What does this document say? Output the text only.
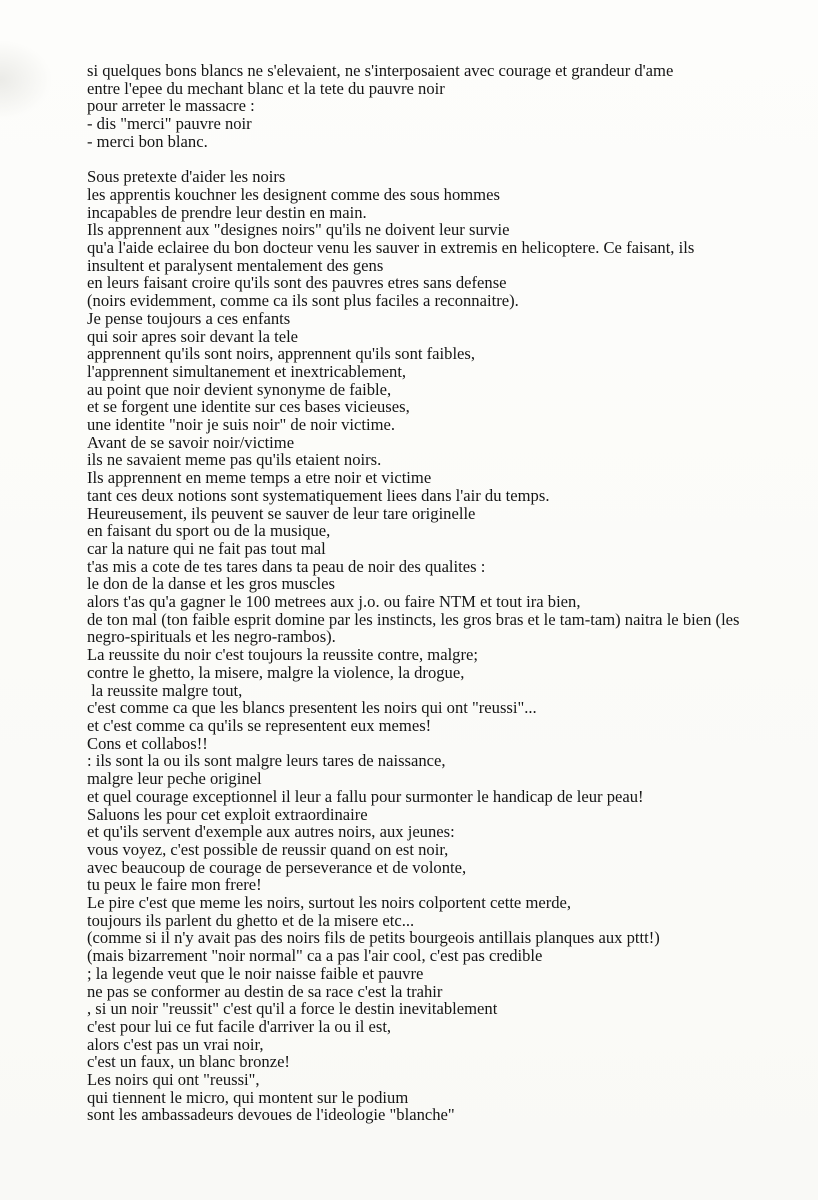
si quelques bons blancs ne s'elevaient, ne s'interposaient avec courage et grandeur d'ame
entre l'epee du mechant blanc et la tete du pauvre noir
pour arreter le massacre :
- dis "merci" pauvre noir
- merci bon blanc.
Sous pretexte d'aider les noirs
les apprentis kouchner les designent comme des sous hommes
incapables de prendre leur destin en main.
Ils apprennent aux "designes noirs" qu'ils ne doivent leur survie
qu'a l'aide eclairee du bon docteur venu les sauver in extremis en helicoptere. Ce faisant, ils
insultent et paralysent mentalement des gens
en leurs faisant croire qu'ils sont des pauvres etres sans defense
(noirs evidemment, comme ca ils sont plus faciles a reconnaitre).
Je pense toujours a ces enfants
qui soir apres soir devant la tele
apprennent qu'ils sont noirs, apprennent qu'ils sont faibles,
l'apprennent simultanement et inextricablement,
au point que noir devient synonyme de faible,
et se forgent une identite sur ces bases vicieuses,
une identite "noir je suis noir" de noir victime.
Avant de se savoir noir/victime
ils ne savaient meme pas qu'ils etaient noirs.
Ils apprennent en meme temps a etre noir et victime
tant ces deux notions sont systematiquement liees dans l'air du temps.
Heureusement, ils peuvent se sauver de leur tare originelle
en faisant du sport ou de la musique,
car la nature qui ne fait pas tout mal
t'as mis a cote de tes tares dans ta peau de noir des qualites :
le don de la danse et les gros muscles
alors t'as qu'a gagner le 100 metrees aux j.o. ou faire NTM et tout ira bien,
de ton mal (ton faible esprit domine par les instincts, les gros bras et le tam-tam) naitra le bien (les
negro-spirituals et les negro-rambos).
La reussite du noir c'est toujours la reussite contre, malgre;
contre le ghetto, la misere, malgre la violence, la drogue,
la reussite malgre tout,
c'est comme ca que les blancs presentent les noirs qui ont "reussi"...
et c'est comme ca qu'ils se representent eux memes!
Cons et collabos!!
: ils sont la ou ils sont malgre leurs tares de naissance,
malgre leur peche originel
et quel courage exceptionnel il leur a fallu pour surmonter le handicap de leur peau!
Saluons les pour cet exploit extraordinaire
et qu'ils servent d'exemple aux autres noirs, aux jeunes:
vous voyez, c'est possible de reussir quand on est noir,
avec beaucoup de courage de perseverance et de volonte,
tu peux le faire mon frere!
Le pire c'est que meme les noirs, surtout les noirs colportent cette merde,
toujours ils parlent du ghetto et de la misere etc...
(comme si il n'y avait pas des noirs fils de petits bourgeois antillais planques aux pttt!)
(mais bizarrement "noir normal" ca a pas l'air cool, c'est pas credible
; la legende veut que le noir naisse faible et pauvre
ne pas se conformer au destin de sa race c'est la trahir
, si un noir "reussit" c'est qu'il a force le destin inevitablement
c'est pour lui ce fut facile d'arriver la ou il est,
alors c'est pas un vrai noir,
c'est un faux, un blanc bronze!
Les noirs qui ont "reussi",
qui tiennent le micro, qui montent sur le podium
sont les ambassadeurs devoues de l'ideologie "blanche"
